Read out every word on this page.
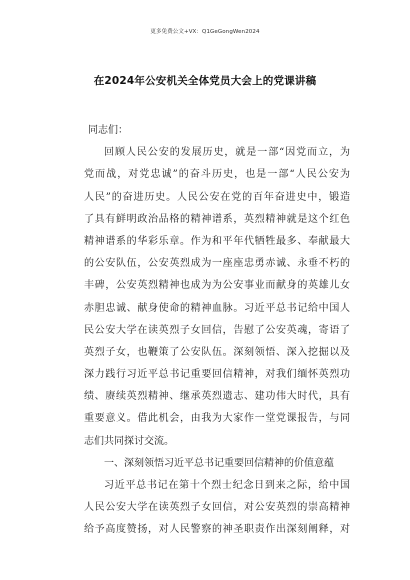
更多免费公文+VX：Q1GeGongWen2024
在2024年公安机关全体党员大会上的党课讲稿
同志们：
回顾人民公安的发展历史，就是一部“因党而立，为
党而战，对党忠诚”的奋斗历史，也是一部“人民公安为
人民”的奋进历史。人民公安在党的百年奋进史中，锻造
了具有鲜明政治品格的精神谱系，英烈精神就是这个红色
精神谱系的华彩乐章。作为和平年代牺牲最多、奉献最大
的公安队伍，公安英烈成为一座座忠勇赤诚、永垂不朽的
丰碑，公安英烈精神也成为为公安事业而献身的英雄儿女
赤胆忠诚、献身使命的精神血脉。习近平总书记给中国人
民公安大学在读英烈子女回信，告慰了公安英魂，寄语了
英烈子女，也鞭策了公安队伍。深刻领悟、深入挖掘以及
深力践行习近平总书记重要回信精神，对我们缅怀英烈功
绩、赓续英烈精神、继承英烈遗志、建功伟大时代，具有
重要意义。借此机会，由我为大家作一堂党课报告，与同
志们共同探讨交流。
一、深刻领悟习近平总书记重要回信精神的价值意蕴
习近平总书记在第十个烈士纪念日到来之际，给中国
人民公安大学在读英烈子女回信，对公安英烈的崇高精神
给予高度赞扬，对人民警察的神圣职责作出深刻阐释，对
